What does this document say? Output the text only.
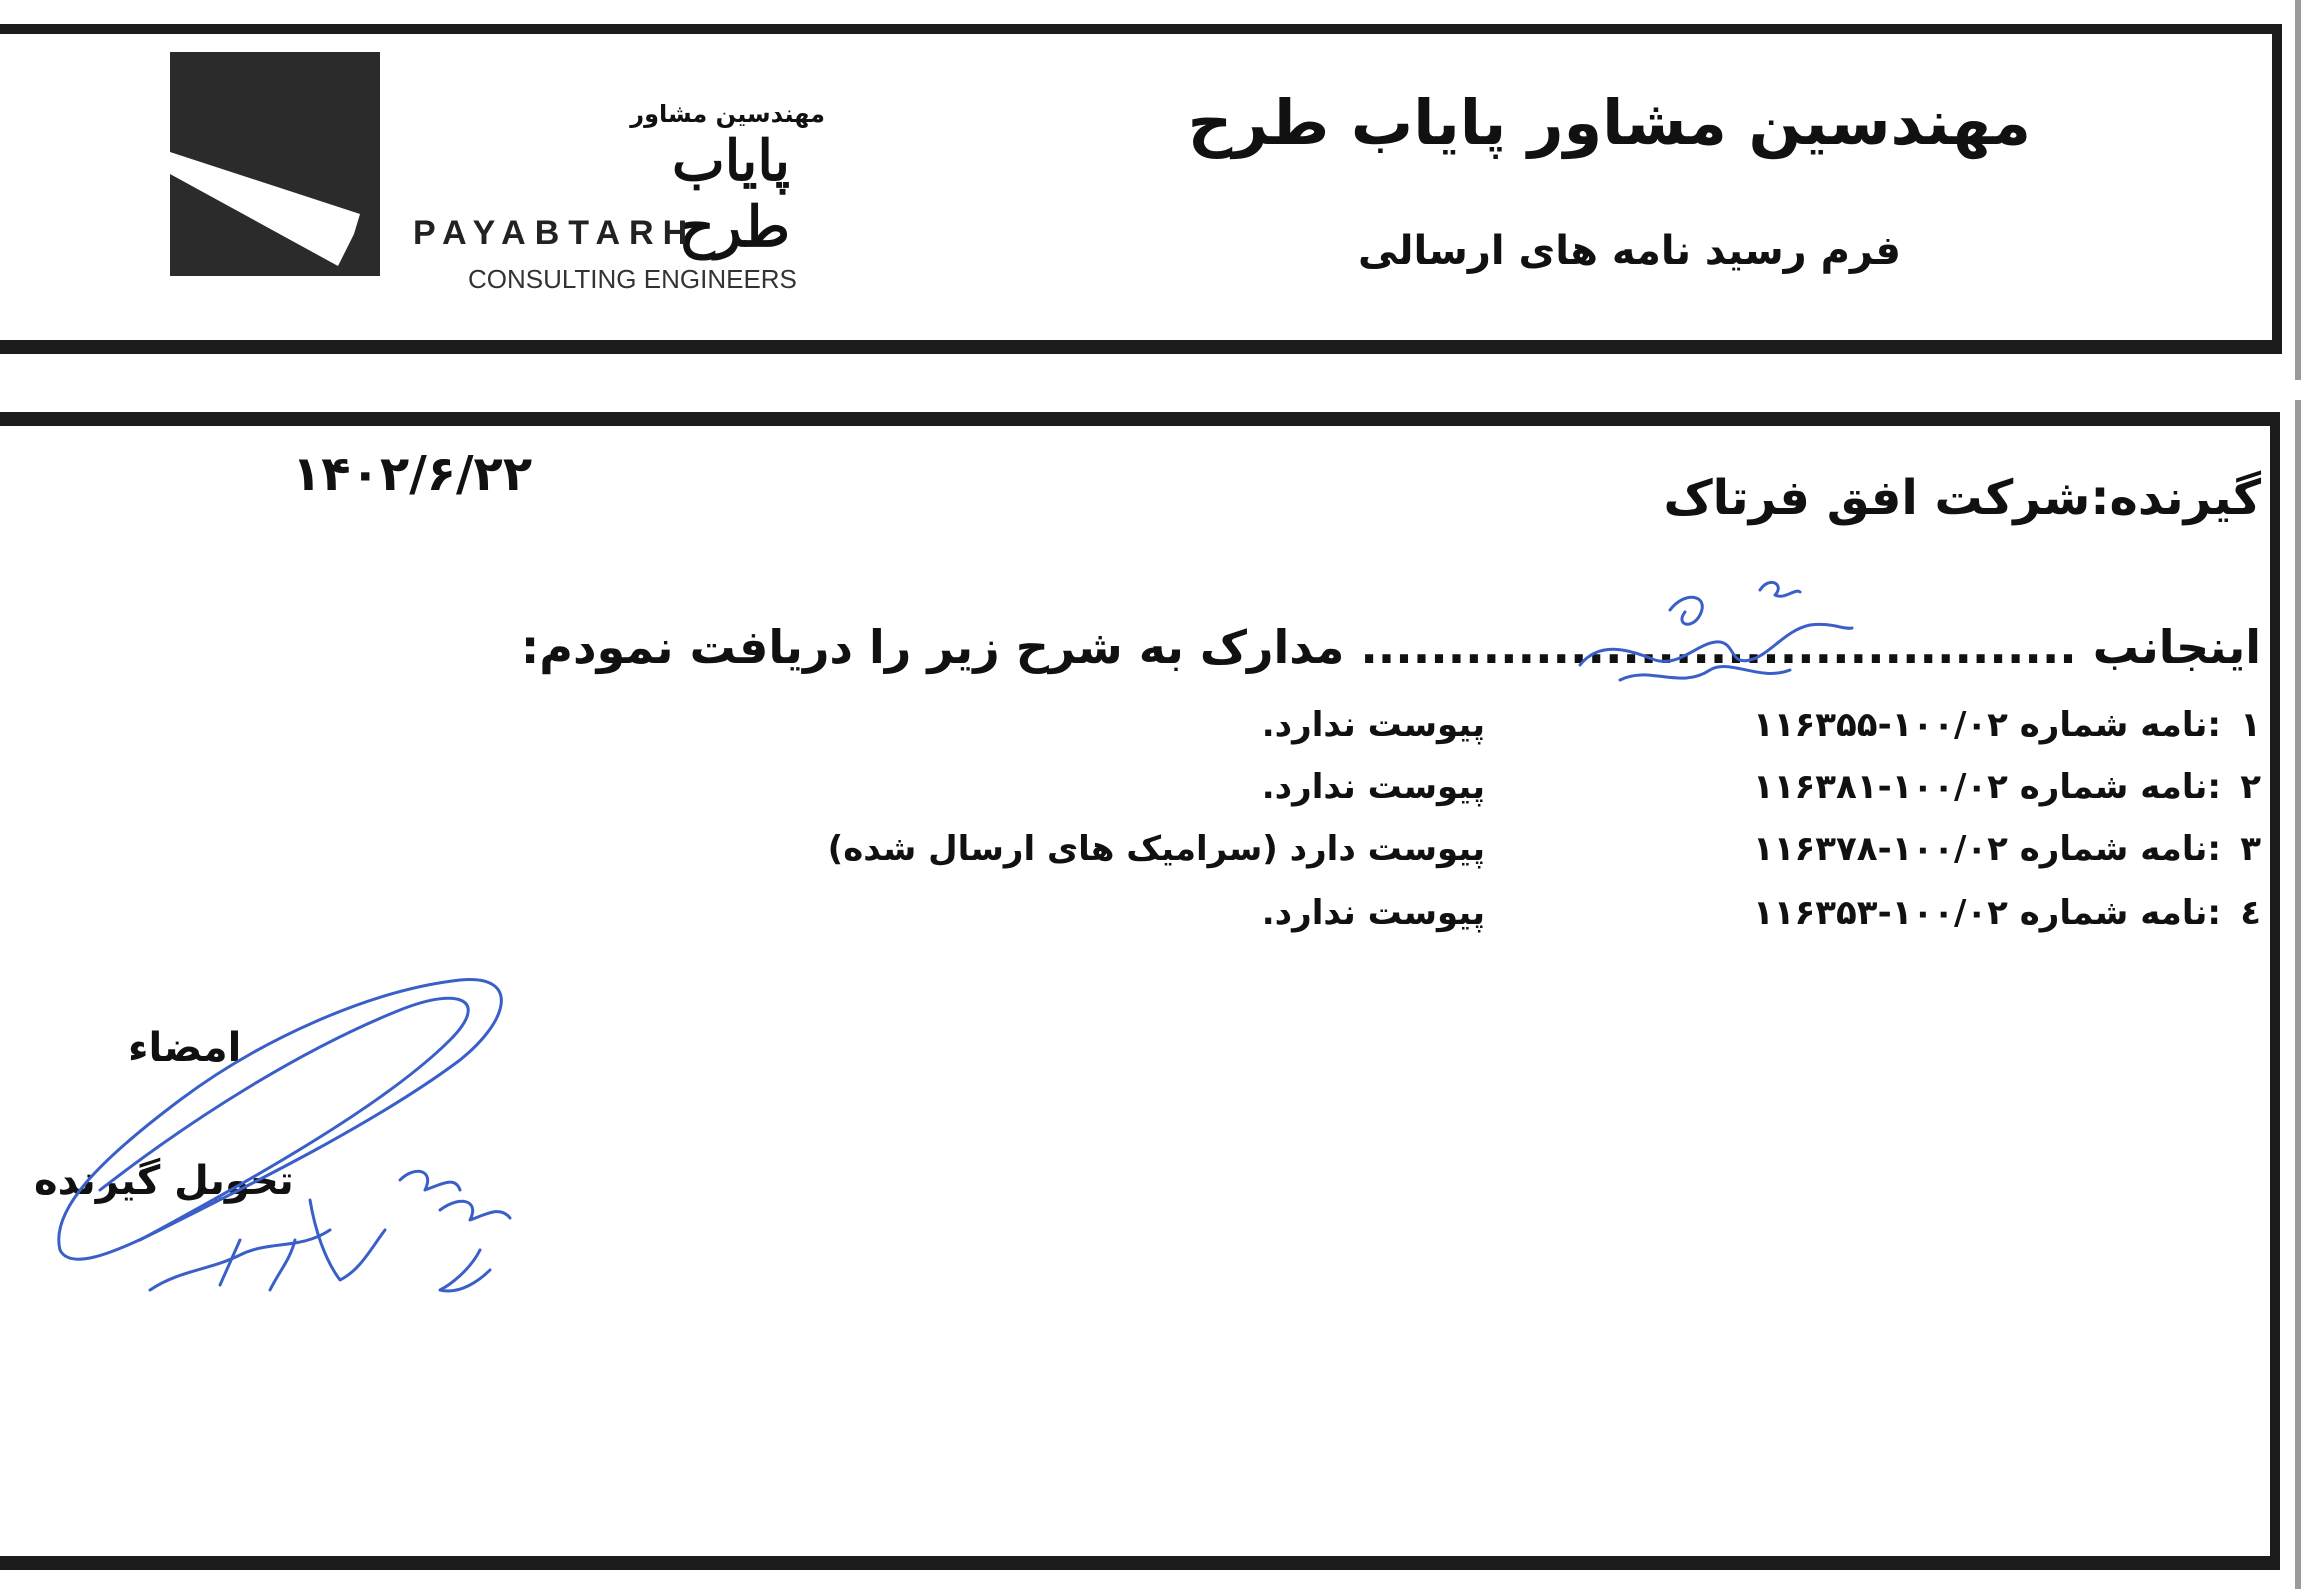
مهندسین مشاور
پایاب طرح
PAYABTARH
CONSULTING ENGINEERS
مهندسین مشاور پایاب طرح
فرم رسید نامه های ارسالی
۱۴۰۲/۶/۲۲	گیرنده:شرکت افق فرتاک
اینجانب ......................................... مدارک به شرح زیر را دریافت نمودم:
۱
:نامه شماره ۱۰۰/۰۲-۱۱۶۳۵۵
پیوست ندارد.
۲
:نامه شماره ۱۰۰/۰۲-۱۱۶۳۸۱
پیوست ندارد.
۳
:نامه شماره ۱۰۰/۰۲-۱۱۶۳۷۸
پیوست دارد (سرامیک های ارسال شده)
٤
:نامه شماره ۱۰۰/۰۲-۱۱۶۳۵۳
پیوست ندارد.
امضاء
تحویل گیرنده
